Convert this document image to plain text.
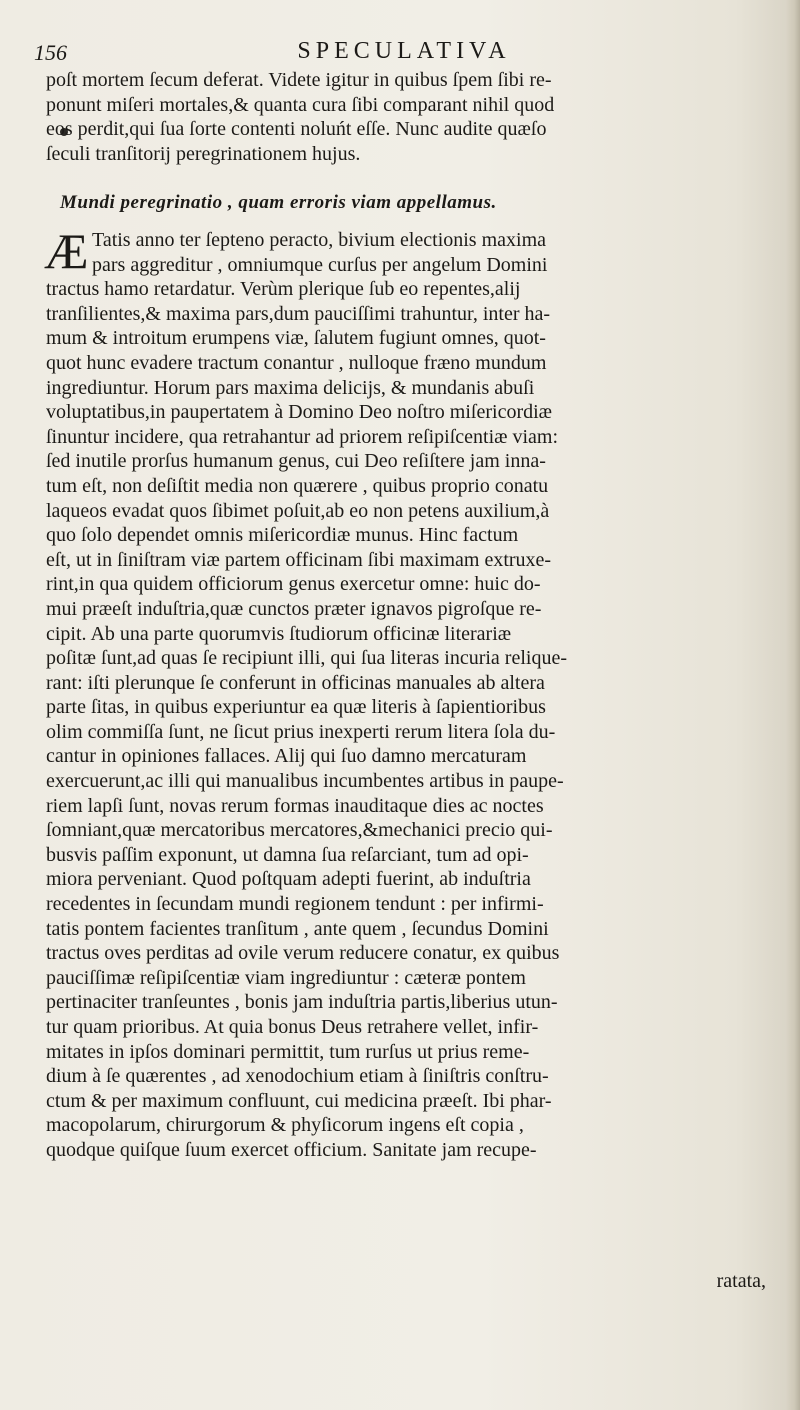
156	SPECULATIVA
poſt mortem ſecum deferat. Videte igitur in quibus ſpem ſibi re-
ponunt miſeri mortales,& quanta cura ſibi comparant nihil quod
eos perdit,qui ſua ſorte contenti noluńt eſſe. Nunc audite quæſo
ſeculi tranſitorij peregrinationem hujus.
Mundi peregrinatio , quam erroris viam appellamus.
Æ Tatis anno ter ſepteno peracto, bivium electionis maxima
pars aggreditur , omniumque curſus per angelum Domini
tractus hamo retardatur. Verùm plerique ſub eo repentes,alij
tranſilientes,& maxima pars,dum pauciſſimi trahuntur, inter ha-
mum & introitum erumpens viæ, ſalutem fugiunt omnes, quot-
quot hunc evadere tractum conantur , nulloque fræno mundum
ingrediuntur. Horum pars maxima delicijs, & mundanis abuſi
voluptatibus,in paupertatem à Domino Deo noſtro miſericordiæ
ſinuntur incidere, qua retrahantur ad priorem reſipiſcentiæ viam:
ſed inutile prorſus humanum genus, cui Deo reſiſtere jam inna-
tum eſt, non deſiſtit media non quærere , quibus proprio conatu
laqueos evadat quos ſibimet poſuit,ab eo non petens auxilium,à
quo ſolo dependet omnis miſericordiæ munus. Hinc factum
eſt, ut in ſiniſtram viæ partem officinam ſibi maximam extruxe-
rint,in qua quidem officiorum genus exercetur omne: huic do-
mui præeſt induſtria,quæ cunctos præter ignavos pigroſque re-
cipit. Ab una parte quorumvis ſtudiorum officinæ literariæ
poſitæ ſunt,ad quas ſe recipiunt illi, qui ſua literas incuria relique-
rant: iſti plerunque ſe conferunt in officinas manuales ab altera
parte ſitas, in quibus experiuntur ea quæ literis à ſapientioribus
olim commiſſa ſunt, ne ſicut prius inexperti rerum litera ſola du-
cantur in opiniones fallaces. Alij qui ſuo damno mercaturam
exercuerunt,ac illi qui manualibus incumbentes artibus in paupe-
riem lapſi ſunt, novas rerum formas inauditaque dies ac noctes
ſomniant,quæ mercatoribus mercatores,&mechanici precio qui-
busvis paſſim exponunt, ut damna ſua reſarciant, tum ad opi-
miora perveniant. Quod poſtquam adepti fuerint, ab induſtria
recedentes in ſecundam mundi regionem tendunt : per infirmi-
tatis pontem facientes tranſitum , ante quem , ſecundus Domini
tractus oves perditas ad ovile verum reducere conatur, ex quibus
pauciſſimæ reſipiſcentiæ viam ingrediuntur : cæteræ pontem
pertinaciter tranſeuntes , bonis jam induſtria partis,liberius utun-
tur quam prioribus. At quia bonus Deus retrahere vellet, infir-
mitates in ipſos dominari permittit, tum rurſus ut prius reme-
dium à ſe quærentes , ad xenodochium etiam à ſiniſtris conſtru-
ctum & per maximum confluunt, cui medicina præeſt. Ibi phar-
macopolarum, chirurgorum & phyſicorum ingens eſt copia ,
quodque quiſque ſuum exercet officium. Sanitate jam recupe-
ratata,
